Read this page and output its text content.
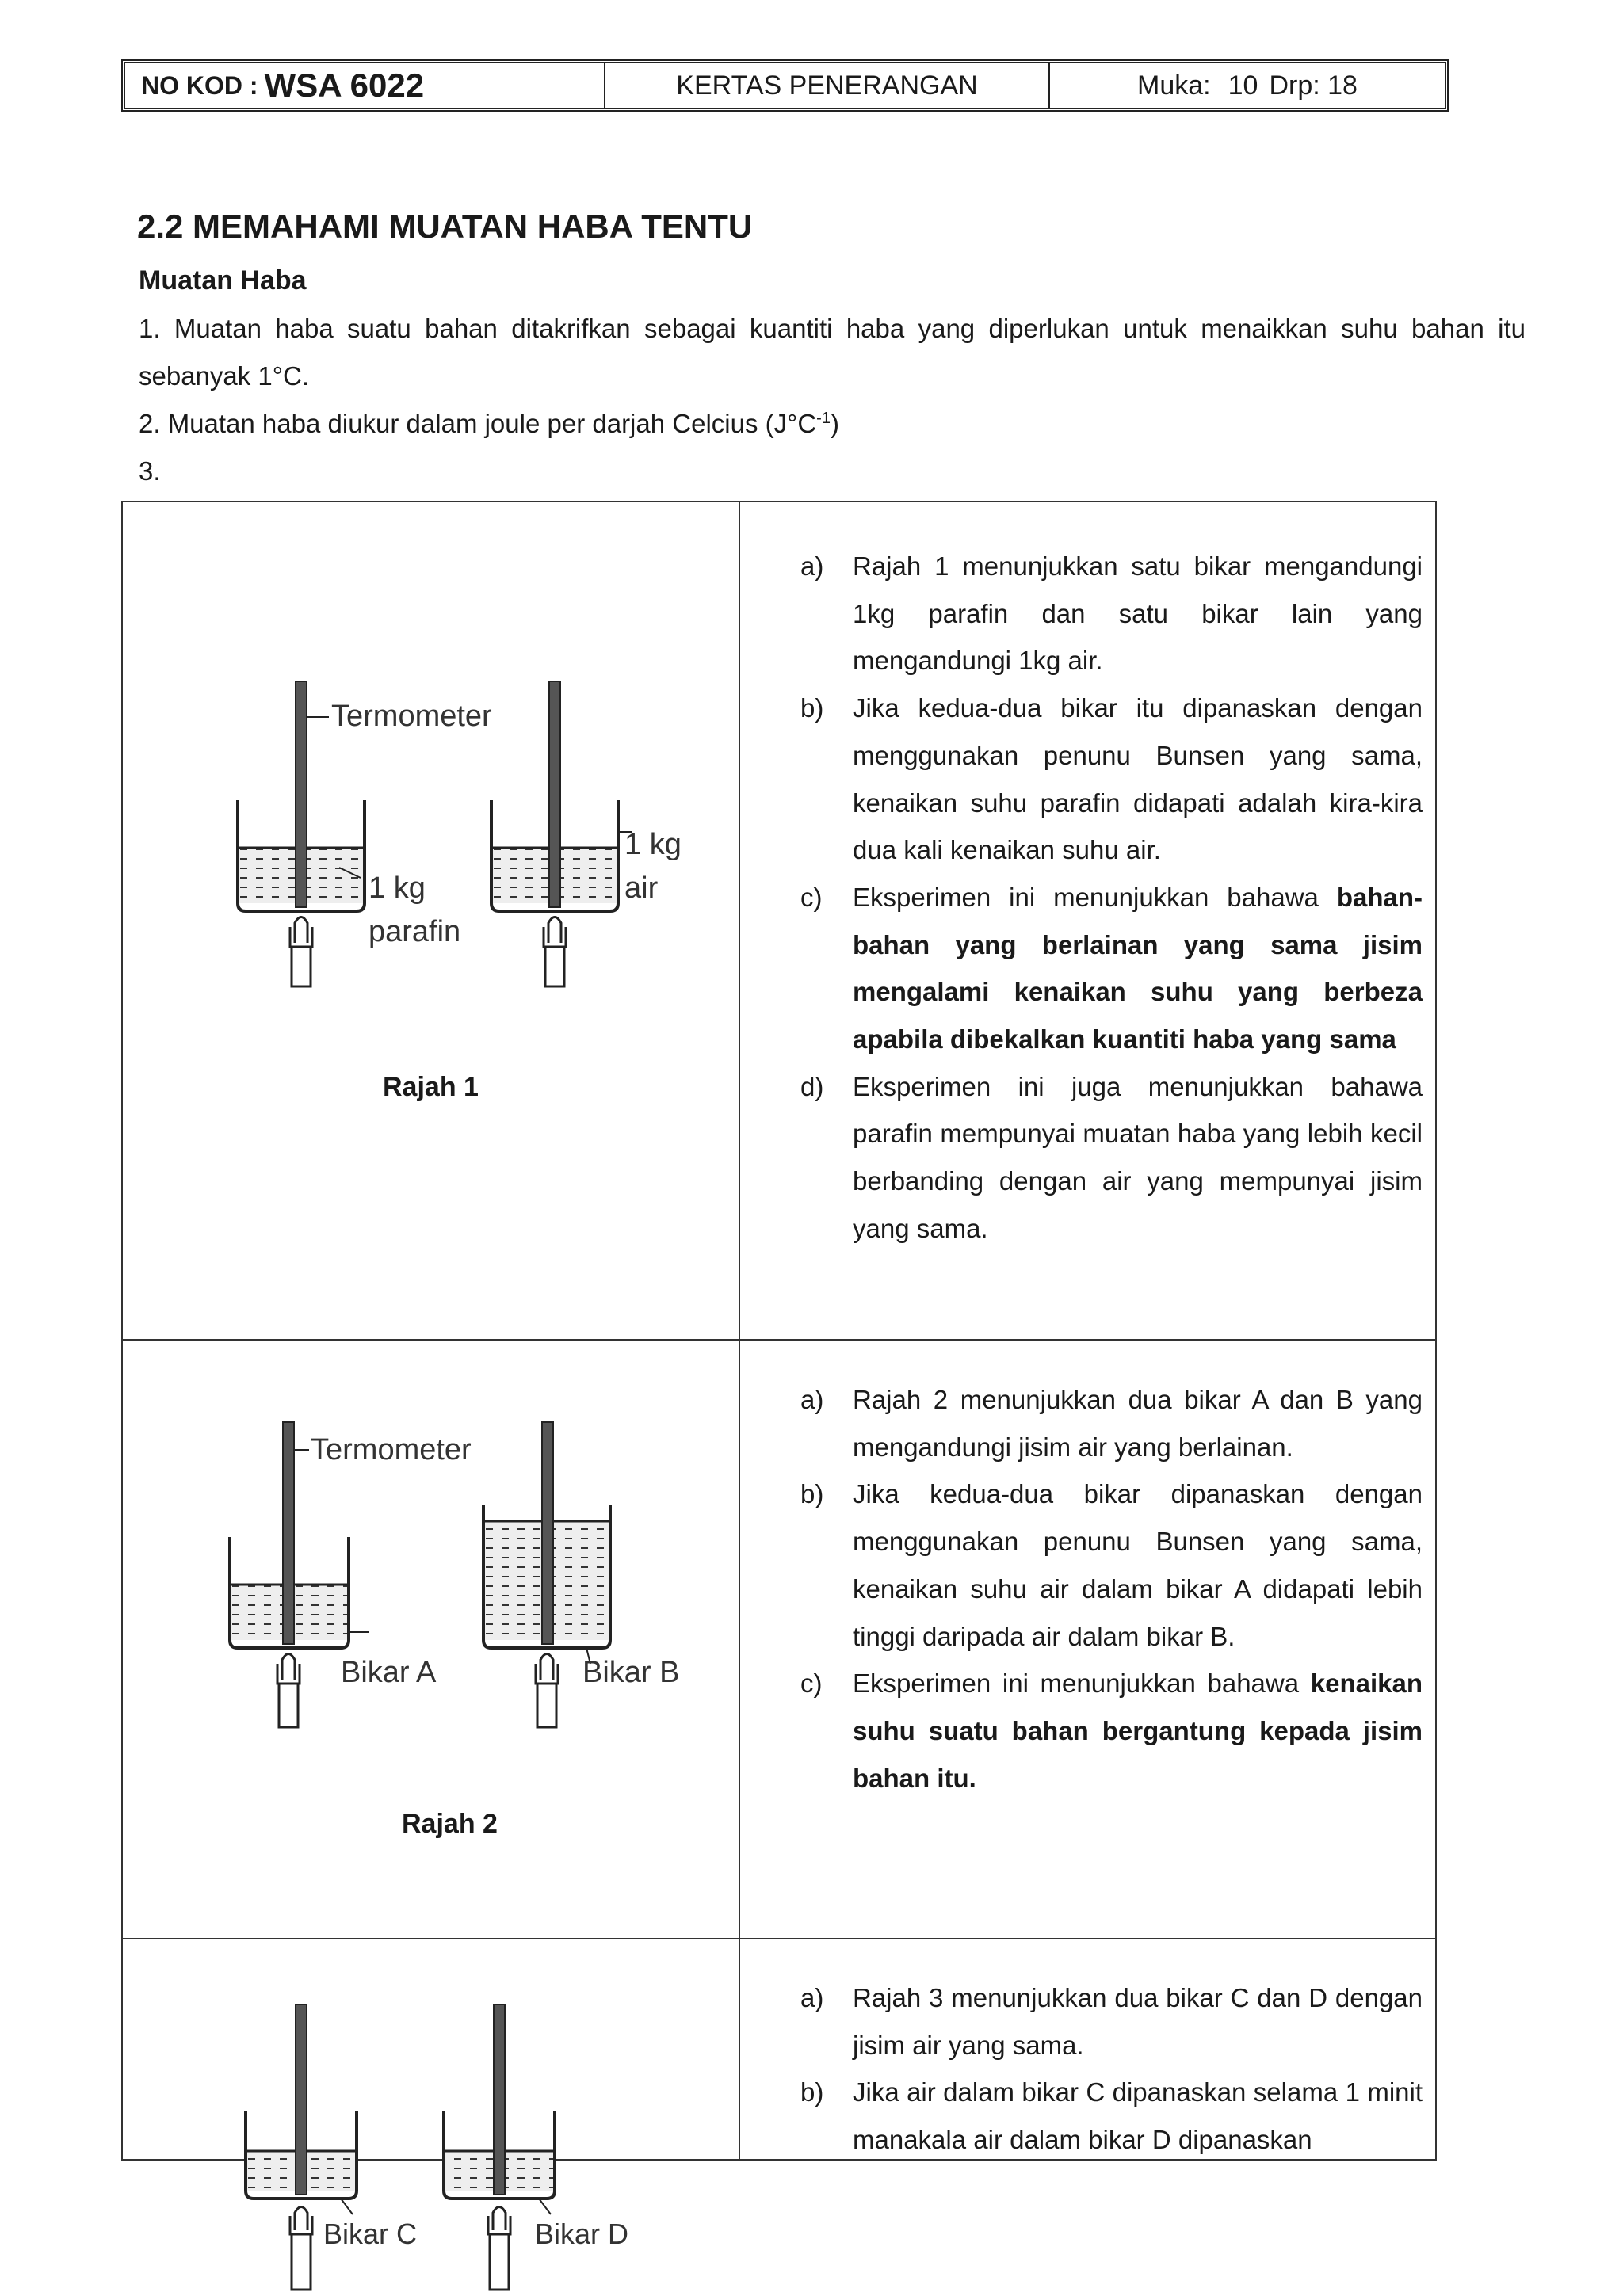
NO KOD : WSA 6022	KERTAS PENERANGAN	Muka: 10 Drp: 18
2.2 MEMAHAMI MUATAN HABA TENTU
Muatan Haba
1. Muatan haba suatu bahan ditakrifkan sebagai kuantiti haba yang diperlukan untuk menaikkan suhu bahan itu sebanyak 1°C.
2. Muatan haba diukur dalam joule per darjah Celcius $(J^\circ C^{-1})$
3.
Termometer
1 kg
parafin
1 kg
air
Rajah 1
a)	Rajah 1 menunjukkan satu bikar mengandungi 1kg parafin dan satu bikar lain yang mengandungi 1kg air.
b)	Jika kedua-dua bikar itu dipanaskan dengan menggunakan penunu Bunsen yang sama, kenaikan suhu parafin didapati adalah kira-kira dua kali kenaikan suhu air.
c)	Eksperimen ini menunjukkan bahawa bahan-bahan yang berlainan yang sama jisim mengalami kenaikan suhu yang berbeza apabila dibekalkan kuantiti haba yang sama
d)	Eksperimen ini juga menunjukkan bahawa parafin mempunyai muatan haba yang lebih kecil berbanding dengan air yang mempunyai jisim yang sama.
Termometer
Bikar A	Bikar B
Rajah 2
a)	Rajah 2 menunjukkan dua bikar A dan B yang mengandungi jisim air yang berlainan.
b)	Jika kedua-dua bikar dipanaskan dengan menggunakan penunu Bunsen yang sama, kenaikan suhu air dalam bikar A didapati lebih tinggi daripada air dalam bikar B.
c)	Eksperimen ini menunjukkan bahawa kenaikan suhu suatu bahan bergantung kepada jisim bahan itu.
Bikar C	Bikar D
a)	Rajah 3 menunjukkan dua bikar C dan D dengan jisim air yang sama.
b)	Jika air dalam bikar C dipanaskan selama 1 minit manakala air dalam bikar D dipanaskan
